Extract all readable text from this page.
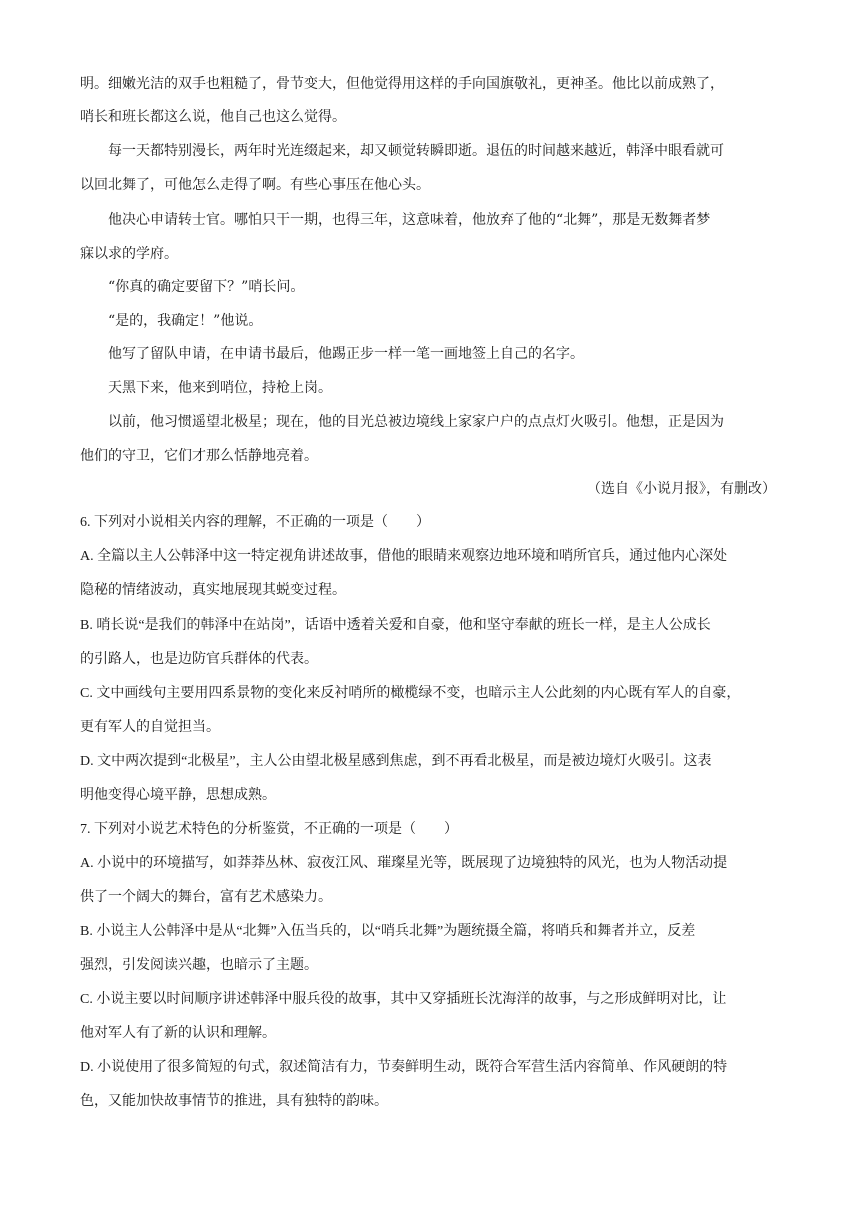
明。细嫩光洁的双手也粗糙了，骨节变大，但他觉得用这样的手向国旗敬礼，更神圣。他比以前成熟了，
哨长和班长都这么说，他自己也这么觉得。
每一天都特别漫长，两年时光连缀起来，却又顿觉转瞬即逝。退伍的时间越来越近，韩泽中眼看就可
以回北舞了，可他怎么走得了啊。有些心事压在他心头。
他决心申请转士官。哪怕只干一期，也得三年，这意味着，他放弃了他的“北舞”，那是无数舞者梦
寐以求的学府。
“你真的确定要留下？”哨长问。
“是的，我确定！”他说。
他写了留队申请，在申请书最后，他踢正步一样一笔一画地签上自己的名字。
天黑下来，他来到哨位，持枪上岗。
以前，他习惯遥望北极星；现在，他的目光总被边境线上家家户户的点点灯火吸引。他想，正是因为
他们的守卫，它们才那么恬静地亮着。
（选自《小说月报》，有删改）
6. 下列对小说相关内容的理解，不正确的一项是（　　）
A. 全篇以主人公韩泽中这一特定视角讲述故事，借他的眼睛来观察边地环境和哨所官兵，通过他内心深处
隐秘的情绪波动，真实地展现其蜕变过程。
B. 哨长说“是我们的韩泽中在站岗”，话语中透着关爱和自豪，他和坚守奉献的班长一样，是主人公成长
的引路人，也是边防官兵群体的代表。
C. 文中画线句主要用四系景物的变化来反衬哨所的橄榄绿不变，也暗示主人公此刻的内心既有军人的自豪，
更有军人的自觉担当。
D. 文中两次提到“北极星”，主人公由望北极星感到焦虑，到不再看北极星，而是被边境灯火吸引。这表
明他变得心境平静，思想成熟。
7. 下列对小说艺术特色的分析鉴赏，不正确的一项是（　　）
A. 小说中的环境描写，如莽莽丛林、寂夜江风、璀璨星光等，既展现了边境独特的风光，也为人物活动提
供了一个阔大的舞台，富有艺术感染力。
B. 小说主人公韩泽中是从“北舞”入伍当兵的，以“哨兵北舞”为题统摄全篇，将哨兵和舞者并立，反差
强烈，引发阅读兴趣，也暗示了主题。
C. 小说主要以时间顺序讲述韩泽中服兵役的故事，其中又穿插班长沈海洋的故事，与之形成鲜明对比，让
他对军人有了新的认识和理解。
D. 小说使用了很多简短的句式，叙述简洁有力，节奏鲜明生动，既符合军营生活内容简单、作风硬朗的特
色，又能加快故事情节的推进，具有独特的韵味。
